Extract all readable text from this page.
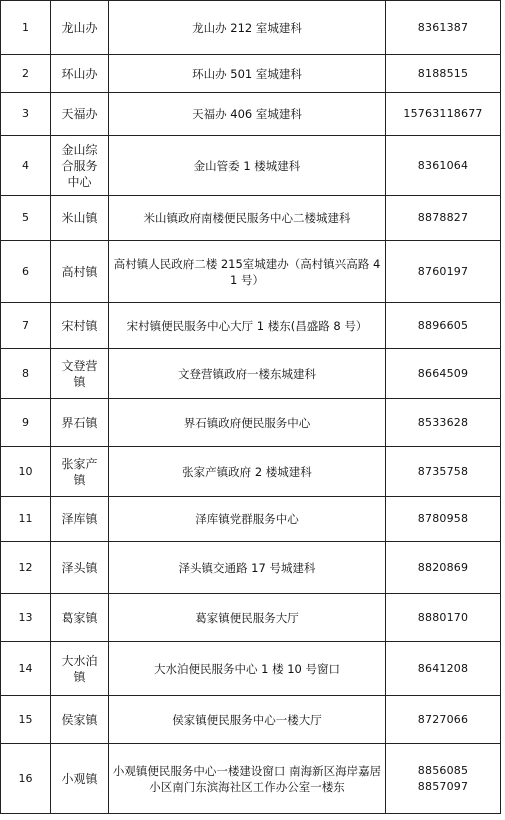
1	龙山办	龙山办 212 室城建科	8361387
2	环山办	环山办 501 室城建科	8188515
3	天福办	天福办 406 室城建科	15763118677
4	金山综合服务中心	金山管委 1 楼城建科	8361064
5	米山镇	米山镇政府南楼便民服务中心二楼城建科	8878827
6	高村镇	高村镇人民政府二楼 215室城建办（高村镇兴高路 41 号）	8760197
7	宋村镇	宋村镇便民服务中心大厅 1 楼东(昌盛路 8 号）	8896605
8	文登营镇	文登营镇政府一楼东城建科	8664509
9	界石镇	界石镇政府便民服务中心	8533628
10	张家产镇	张家产镇政府 2 楼城建科	8735758
11	泽库镇	泽库镇党群服务中心	8780958
12	泽头镇	泽头镇交通路 17 号城建科	8820869
13	葛家镇	葛家镇便民服务大厅	8880170
14	大水泊镇	大水泊便民服务中心 1 楼 10 号窗口	8641208
15	侯家镇	侯家镇便民服务中心一楼大厅	8727066
16	小观镇	小观镇便民服务中心一楼建设窗口 南海新区海岸嘉居小区南门东滨海社区工作办公室一楼东	8856085
8857097
